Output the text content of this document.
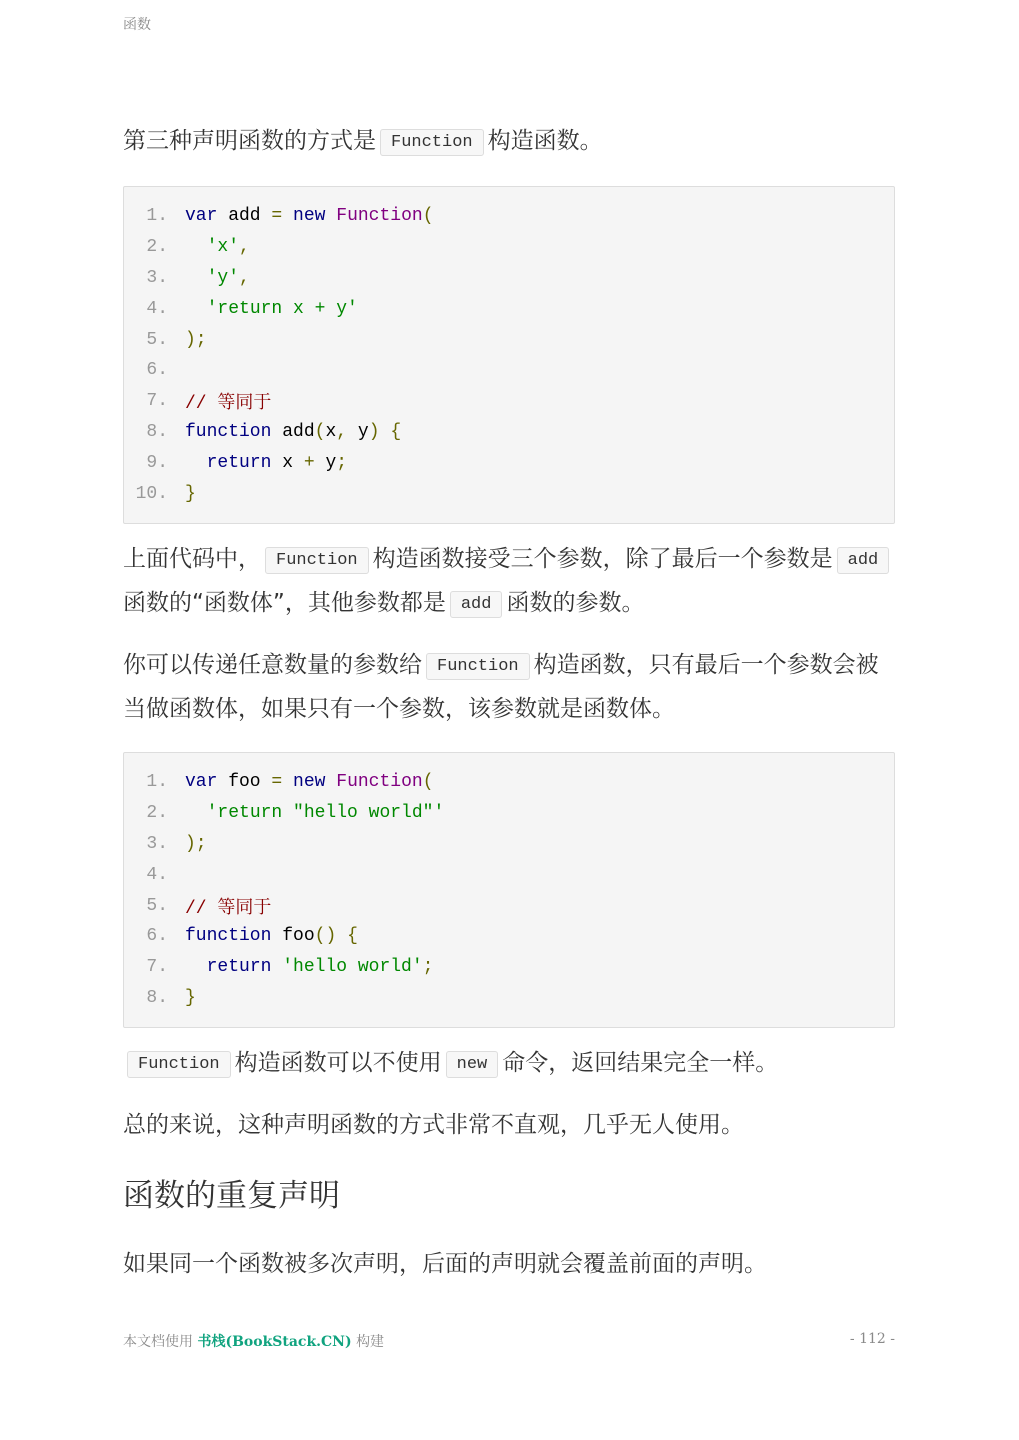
函数

第三种声明函数的方式是 Function 构造函数。

1. var add = new Function(
2.	'x',
3.	'y',
4.	'return x + y'
5. );
6.
7. // 等同于
8. function add(x, y) {
9.	return x + y;
10. }

上面代码中， Function 构造函数接受三个参数，除了最后一个参数是 add函数的“函数体”，其他参数都是 add 函数的参数。

你可以传递任意数量的参数给 Function 构造函数，只有最后一个参数会被当做函数体，如果只有一个参数，该参数就是函数体。

1. var foo = new Function(
2.	'return "hello world"'
3. );
4.
5. // 等同于
6. function foo() {
7.	return 'hello world';
8. }

Function 构造函数可以不使用 new 命令，返回结果完全一样。

总的来说，这种声明函数的方式非常不直观，几乎无人使用。

函数的重复声明

如果同一个函数被多次声明，后面的声明就会覆盖前面的声明。

本文档使用 书栈(BookStack.CN) 构建	- 112 -
